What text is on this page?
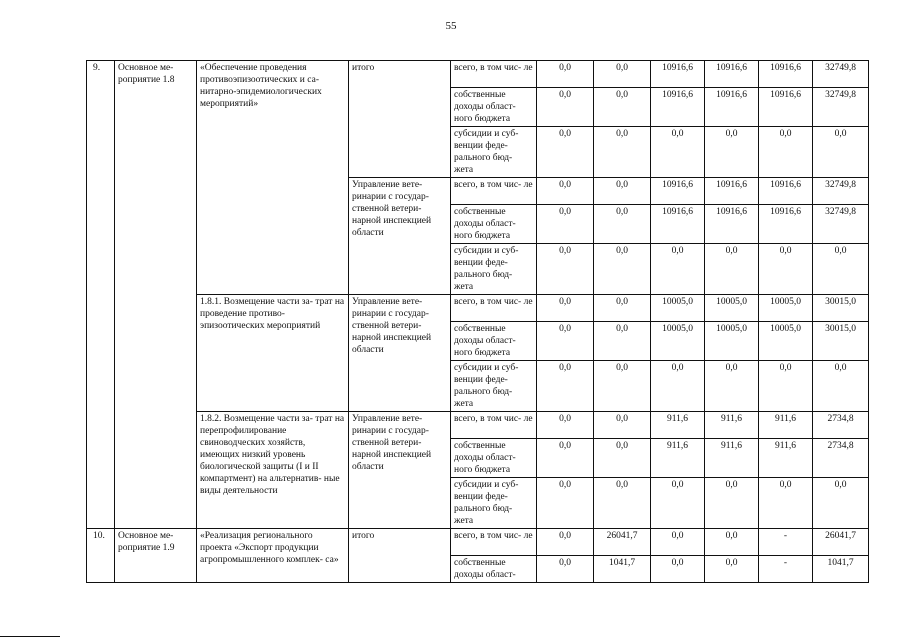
55
9.	Основное ме- роприятие 1.8	«Обеспечение проведения противоэпизоотических и са- нитарно-эпидемиологических мероприятий»	итого	всего, в том чис- ле	0,0	0,0	10916,6	10916,6	10916,6	32749,8
				собственные доходы област- ного бюджета	0,0	0,0	10916,6	10916,6	10916,6	32749,8
				субсидии и суб- венции феде- рального бюд- жета	0,0	0,0	0,0	0,0	0,0	0,0
			Управление вете- ринарии с государ- ственной ветери- нарной инспекцией области	всего, в том чис- ле	0,0	0,0	10916,6	10916,6	10916,6	32749,8
				собственные доходы област- ного бюджета	0,0	0,0	10916,6	10916,6	10916,6	32749,8
				субсидии и суб- венции феде- рального бюд- жета	0,0	0,0	0,0	0,0	0,0	0,0
		1.8.1. Возмещение части за- трат на проведение противо- эпизоотических мероприятий	Управление вете- ринарии с государ- ственной ветери- нарной инспекцией области	всего, в том чис- ле	0,0	0,0	10005,0	10005,0	10005,0	30015,0
				собственные доходы област- ного бюджета	0,0	0,0	10005,0	10005,0	10005,0	30015,0
				субсидии и суб- венции феде- рального бюд- жета	0,0	0,0	0,0	0,0	0,0	0,0
		1.8.2. Возмещение части за- трат на перепрофилирование свиноводческих хозяйств, имеющих низкий уровень биологической защиты (I и II компартмент) на альтернатив- ные виды деятельности	Управление вете- ринарии с государ- ственной ветери- нарной инспекцией области	всего, в том чис- ле	0,0	0,0	911,6	911,6	911,6	2734,8
				собственные доходы област- ного бюджета	0,0	0,0	911,6	911,6	911,6	2734,8
				субсидии и суб- венции феде- рального бюд- жета	0,0	0,0	0,0	0,0	0,0	0,0
10.	Основное ме- роприятие 1.9	«Реализация регионального проекта «Экспорт продукции агропромышленного комплек- са»	итого	всего, в том чис- ле	0,0	26041,7	0,0	0,0	-	26041,7
				собственные доходы област-	0,0	1041,7	0,0	0,0	-	1041,7
